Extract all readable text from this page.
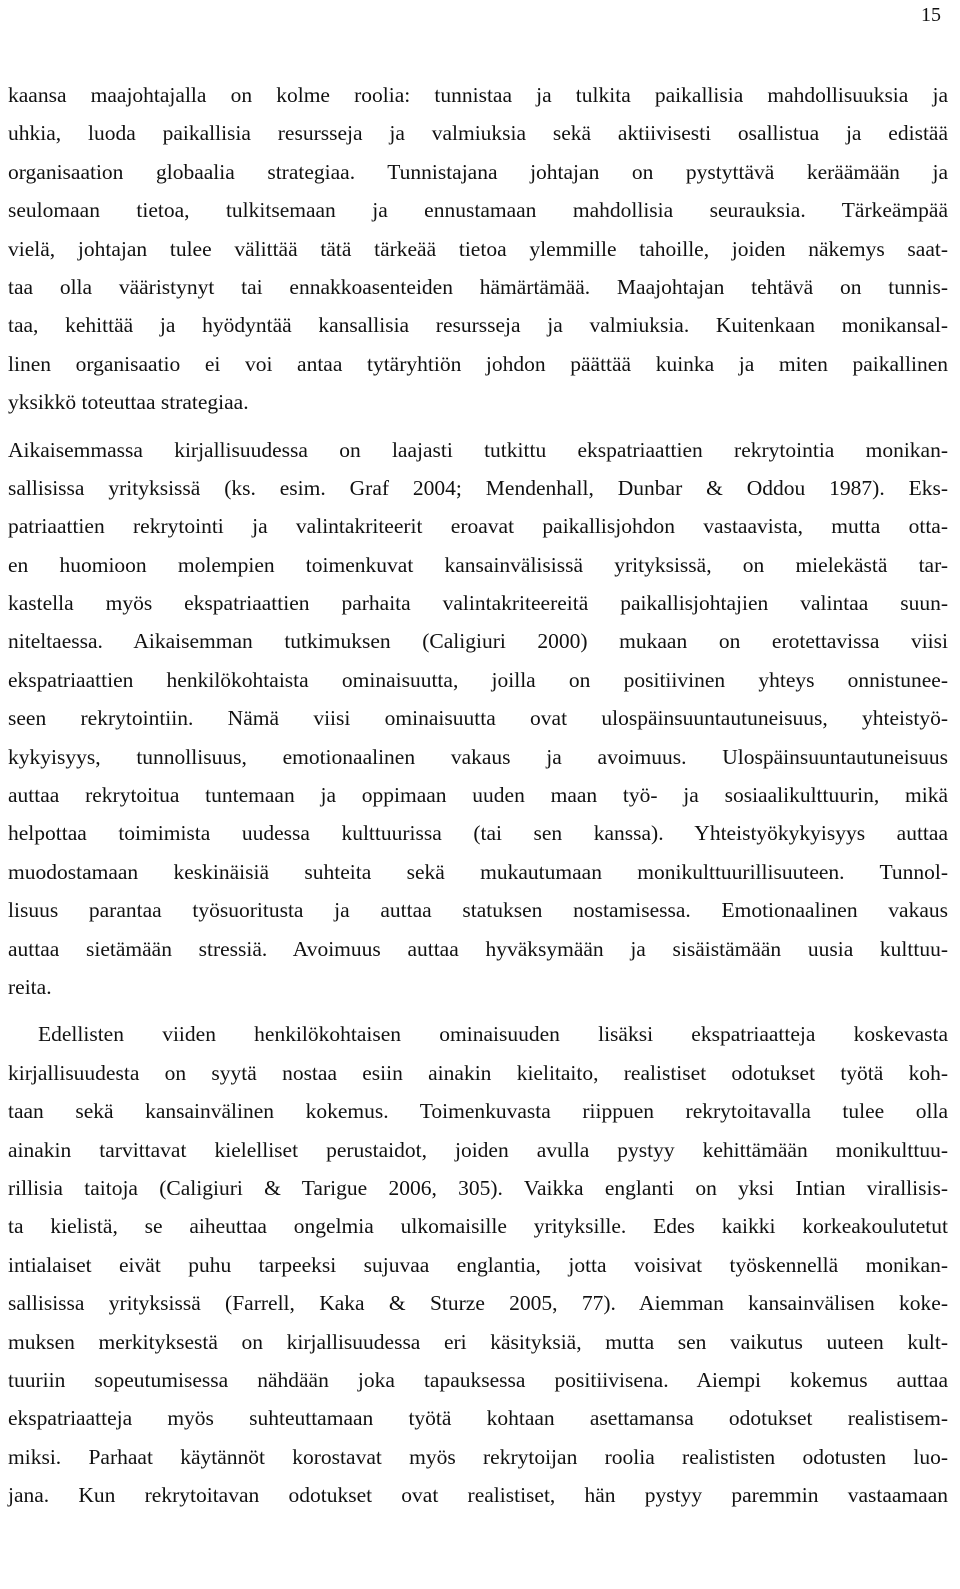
15
kaansa maajohtajalla on kolme roolia: tunnistaa ja tulkita paikallisia mahdollisuuksia ja
uhkia, luoda paikallisia resursseja ja valmiuksia sekä aktiivisesti osallistua ja edistää
organisaation globaalia strategiaa. Tunnistajana johtajan on pystyttävä keräämään ja
seulomaan tietoa, tulkitsemaan ja ennustamaan mahdollisia seurauksia. Tärkeämpää
vielä, johtajan tulee välittää tätä tärkeää tietoa ylemmille tahoille, joiden näkemys saat-
taa olla vääristynyt tai ennakkoasenteiden hämärtämää. Maajohtajan tehtävä on tunnis-
taa, kehittää ja hyödyntää kansallisia resursseja ja valmiuksia. Kuitenkaan monikansal-
linen organisaatio ei voi antaa tytäryhtiön johdon päättää kuinka ja miten paikallinen
yksikkö toteuttaa strategiaa.
Aikaisemmassa kirjallisuudessa on laajasti tutkittu ekspatriaattien rekrytointia monikan-
sallisissa yrityksissä (ks. esim. Graf 2004; Mendenhall, Dunbar & Oddou 1987). Eks-
patriaattien rekrytointi ja valintakriteerit eroavat paikallisjohdon vastaavista, mutta otta-
en huomioon molempien toimenkuvat kansainvälisissä yrityksissä, on mielekästä tar-
kastella myös ekspatriaattien parhaita valintakriteereitä paikallisjohtajien valintaa suun-
niteltaessa. Aikaisemman tutkimuksen (Caligiuri 2000) mukaan on erotettavissa viisi
ekspatriaattien henkilökohtaista ominaisuutta, joilla on positiivinen yhteys onnistunee-
seen rekrytointiin. Nämä viisi ominaisuutta ovat ulospäinsuuntautuneisuus, yhteistyö-
kykyisyys, tunnollisuus, emotionaalinen vakaus ja avoimuus. Ulospäinsuuntautuneisuus
auttaa rekrytoitua tuntemaan ja oppimaan uuden maan työ- ja sosiaalikulttuurin, mikä
helpottaa toimimista uudessa kulttuurissa (tai sen kanssa). Yhteistyökykyisyys auttaa
muodostamaan keskinäisiä suhteita sekä mukautumaan monikulttuurillisuuteen. Tunnol-
lisuus parantaa työsuoritusta ja auttaa statuksen nostamisessa. Emotionaalinen vakaus
auttaa sietämään stressiä. Avoimuus auttaa hyväksymään ja sisäistämään uusia kulttuu-
reita.
Edellisten viiden henkilökohtaisen ominaisuuden lisäksi ekspatriaatteja koskevasta
kirjallisuudesta on syytä nostaa esiin ainakin kielitaito, realistiset odotukset työtä koh-
taan sekä kansainvälinen kokemus. Toimenkuvasta riippuen rekrytoitavalla tulee olla
ainakin tarvittavat kielelliset perustaidot, joiden avulla pystyy kehittämään monikulttuu-
rillisia taitoja (Caligiuri & Tarigue 2006, 305). Vaikka englanti on yksi Intian virallisis-
ta kielistä, se aiheuttaa ongelmia ulkomaisille yrityksille. Edes kaikki korkeakoulutetut
intialaiset eivät puhu tarpeeksi sujuvaa englantia, jotta voisivat työskennellä monikan-
sallisissa yrityksissä (Farrell, Kaka & Sturze 2005, 77). Aiemman kansainvälisen koke-
muksen merkityksestä on kirjallisuudessa eri käsityksiä, mutta sen vaikutus uuteen kult-
tuuriin sopeutumisessa nähdään joka tapauksessa positiivisena. Aiempi kokemus auttaa
ekspatriaatteja myös suhteuttamaan työtä kohtaan asettamansa odotukset realistisem-
miksi. Parhaat käytännöt korostavat myös rekrytoijan roolia realististen odotusten luo-
jana. Kun rekrytoitavan odotukset ovat realistiset, hän pystyy paremmin vastaamaan
